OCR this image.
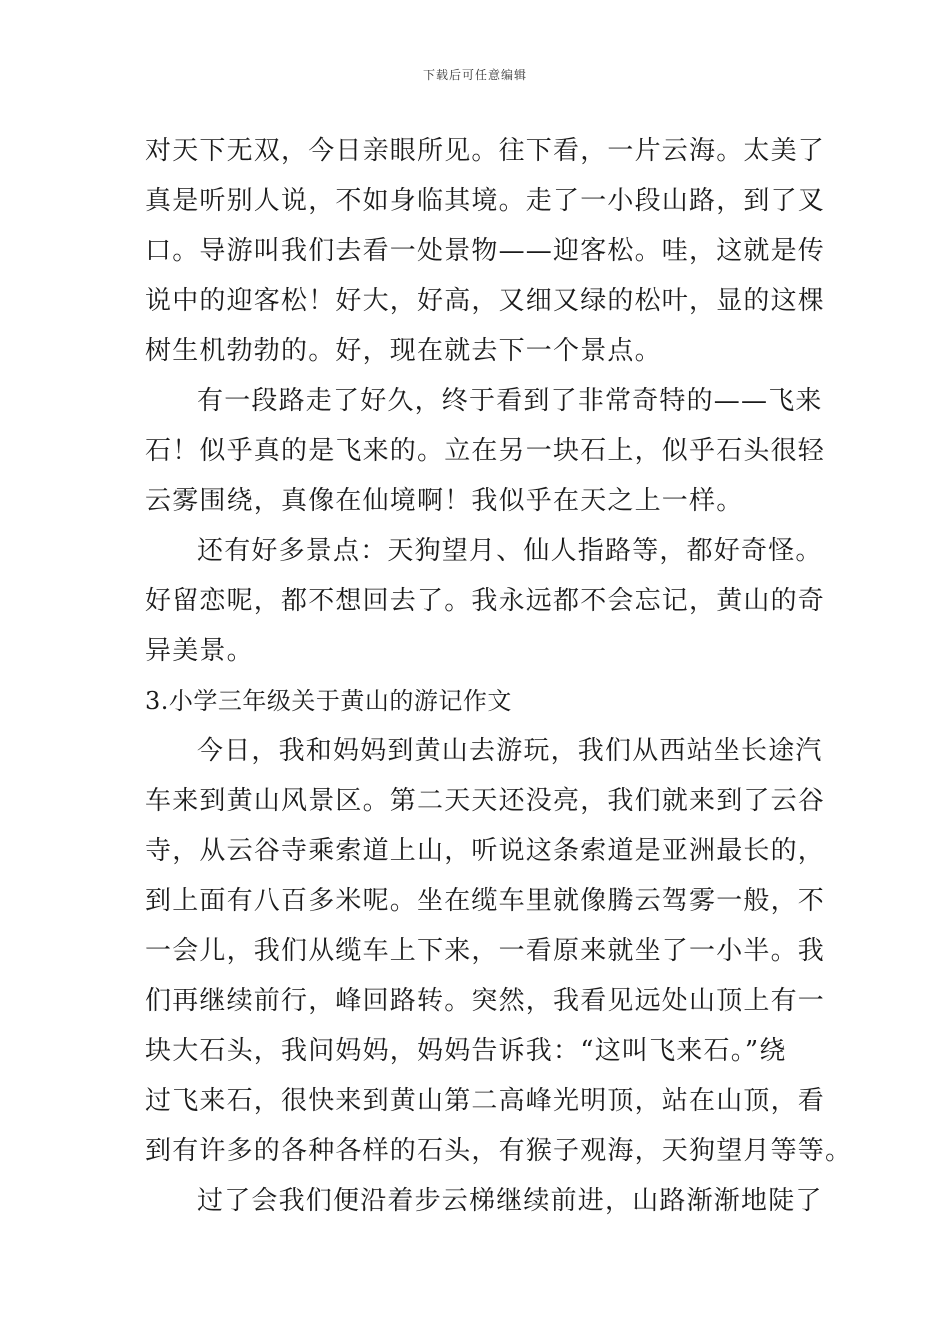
下载后可任意编辑
对天下无双，今日亲眼所见。往下看，一片云海。太美了
真是听别人说，不如身临其境。走了一小段山路，到了叉
口。导游叫我们去看一处景物——迎客松。哇，这就是传
说中的迎客松！好大，好高，又细又绿的松叶，显的这棵
树生机勃勃的。好，现在就去下一个景点。
有一段路走了好久，终于看到了非常奇特的——飞来
石！似乎真的是飞来的。立在另一块石上，似乎石头很轻
云雾围绕，真像在仙境啊！我似乎在天之上一样。
还有好多景点：天狗望月、仙人指路等，都好奇怪。
好留恋呢，都不想回去了。我永远都不会忘记，黄山的奇
异美景。
3.小学三年级关于黄山的游记作文
今日，我和妈妈到黄山去游玩，我们从西站坐长途汽
车来到黄山风景区。第二天天还没亮，我们就来到了云谷
寺，从云谷寺乘索道上山，听说这条索道是亚洲最长的，
到上面有八百多米呢。坐在缆车里就像腾云驾雾一般，不
一会儿，我们从缆车上下来，一看原来就坐了一小半。我
们再继续前行，峰回路转。突然，我看见远处山顶上有一
块大石头，我问妈妈，妈妈告诉我：“这叫飞来石。”绕
过飞来石，很快来到黄山第二高峰光明顶，站在山顶，看
到有许多的各种各样的石头，有猴子观海，天狗望月等等。
过了会我们便沿着步云梯继续前进，山路渐渐地陡了
